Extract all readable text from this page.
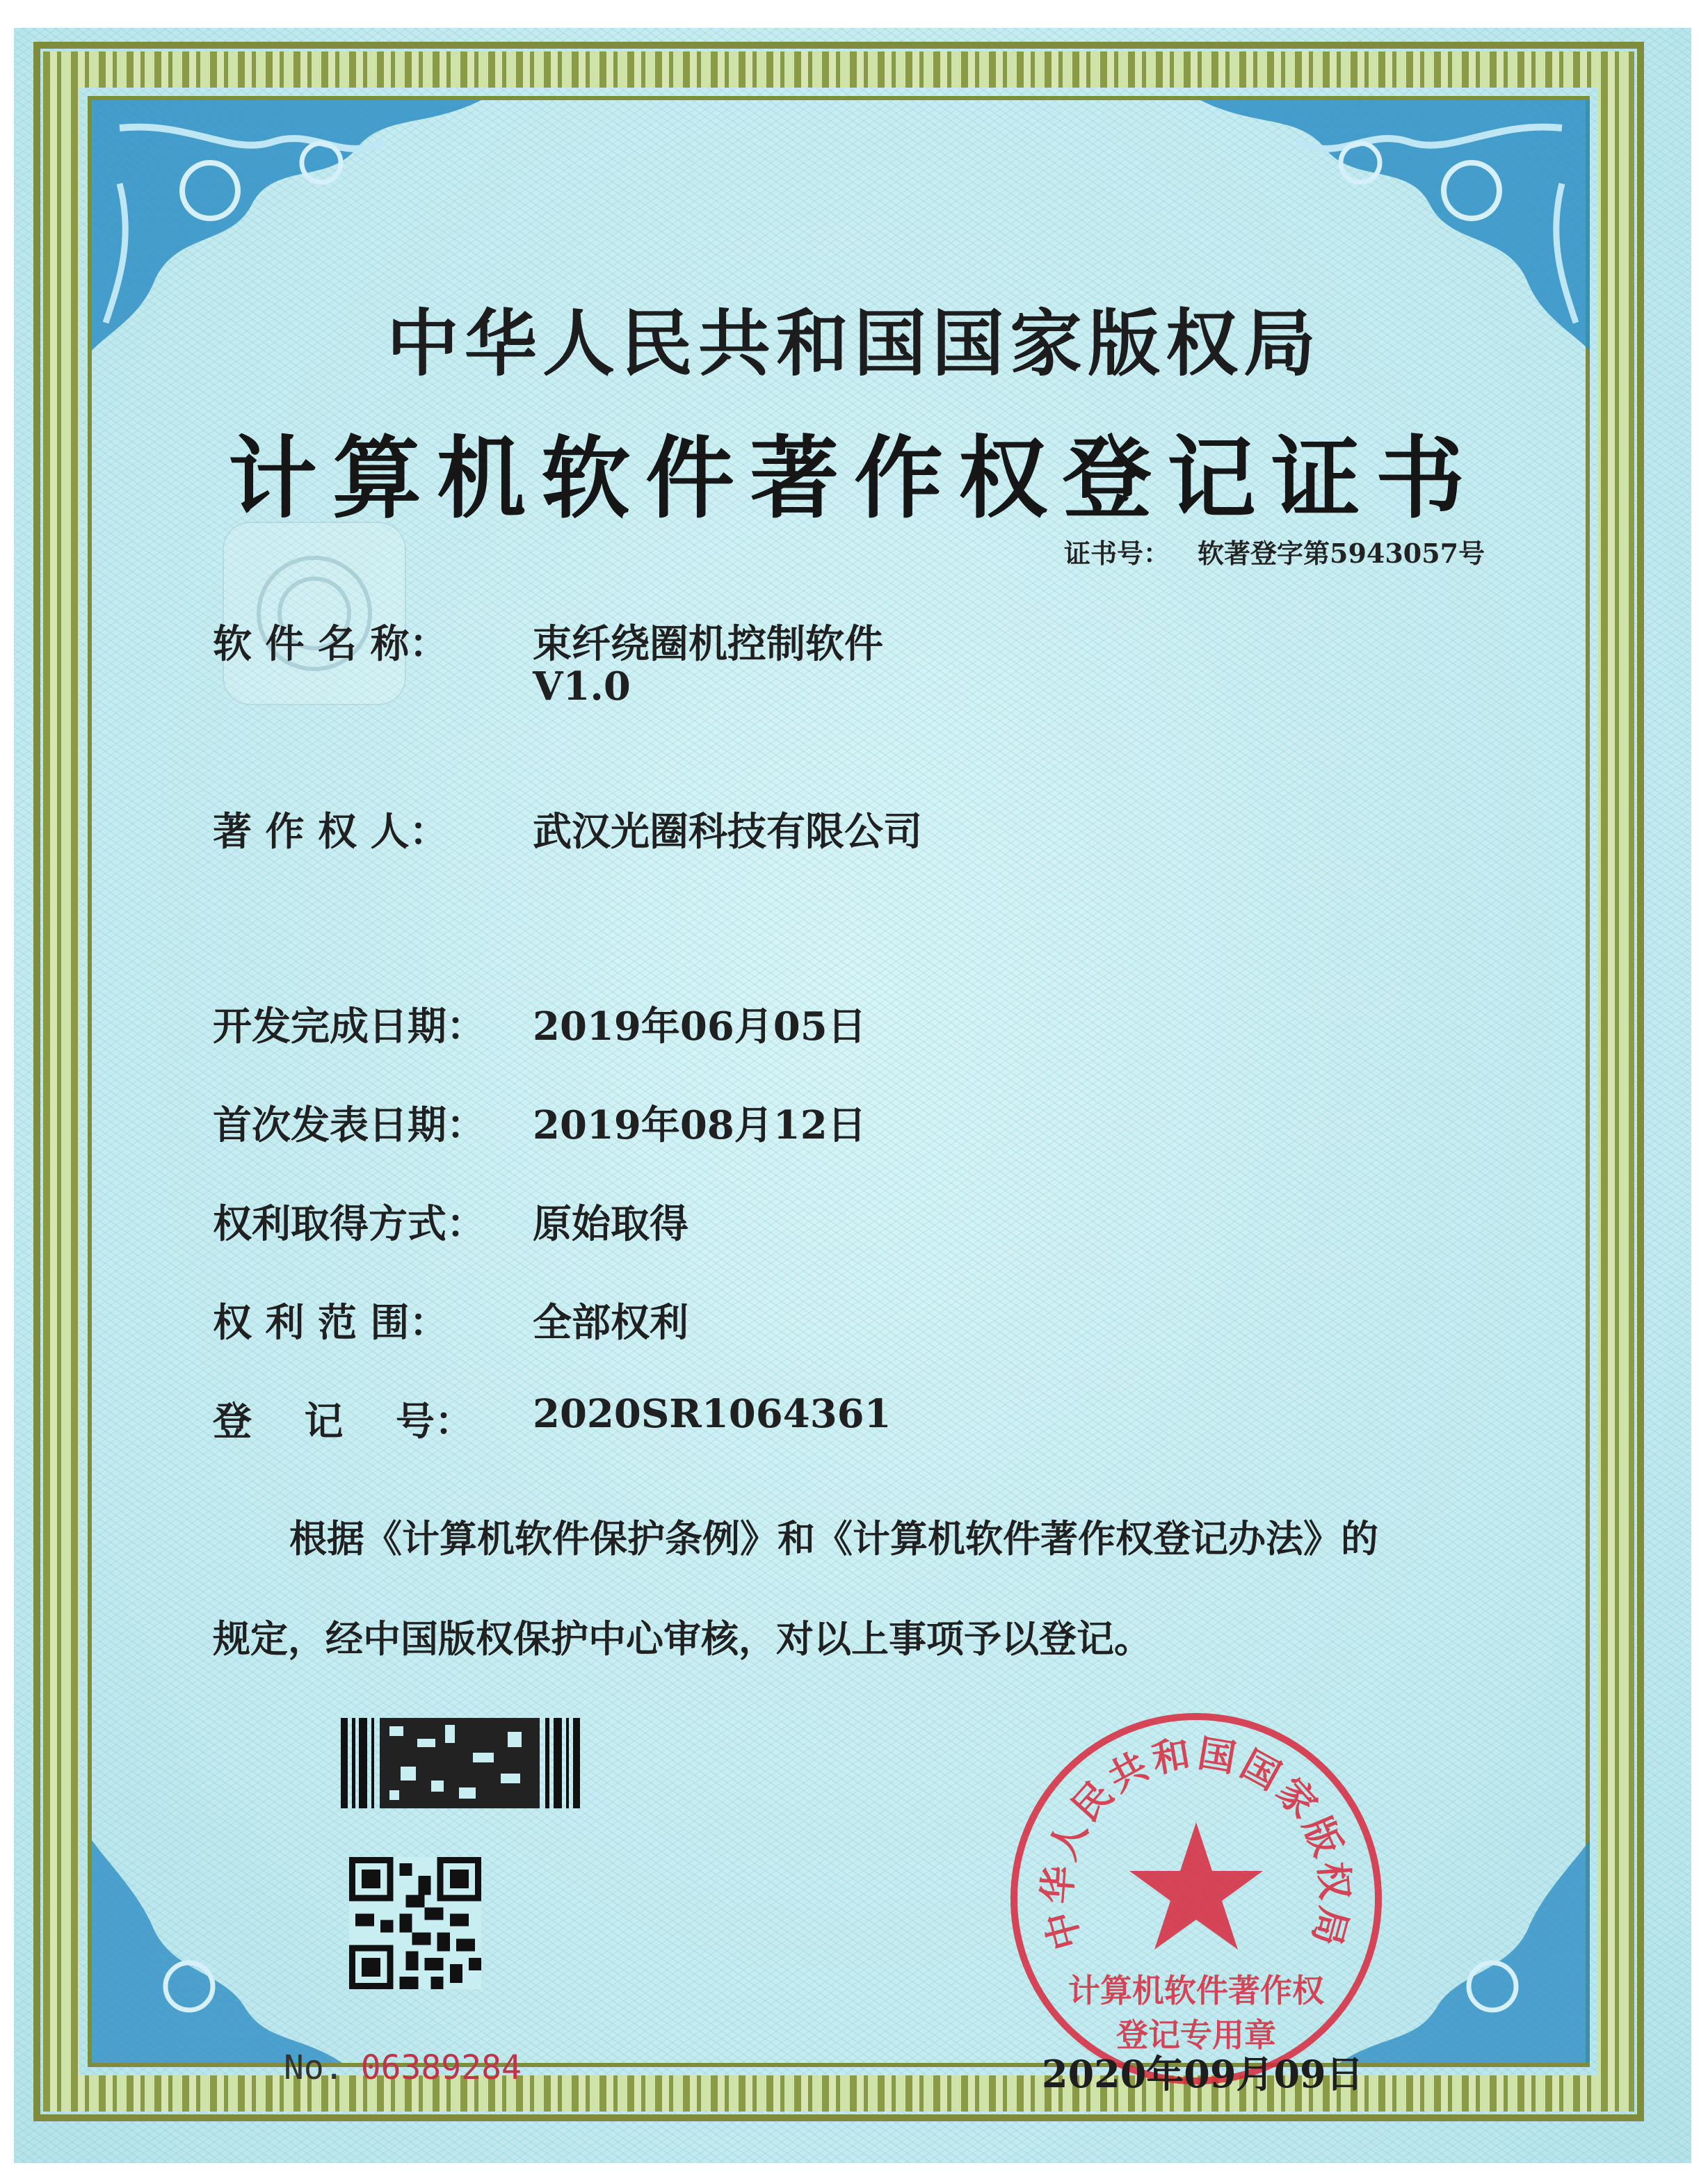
中华人民共和国国家版权局
计算机软件著作权登记证书
证书号： 软著登字第5943057号
软 件 名 称： 束纤绕圈机控制软件
V1.0
著 作 权 人： 武汉光圈科技有限公司
开发完成日期： 2019年06月05日
首次发表日期： 2019年08月12日
权利取得方式： 原始取得
权 利 范 围： 全部权利
登　 记　 号： 2020SR1064361
根据《计算机软件保护条例》和《计算机软件著作权登记办法》的
规定，经中国版权保护中心审核，对以上事项予以登记。
No. 06389284
中华人民共和国国家版权局
计算机软件著作权
登记专用章
2020年09月09日
